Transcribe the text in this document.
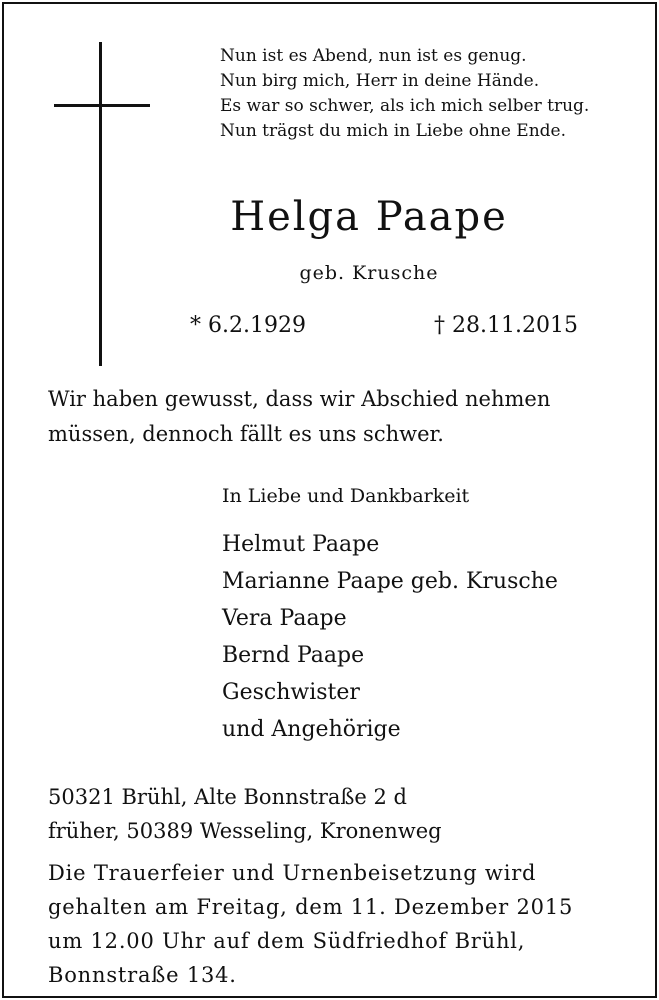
Nun ist es Abend, nun ist es genug.
Nun birg mich, Herr in deine Hände.
Es war so schwer, als ich mich selber trug.
Nun trägst du mich in Liebe ohne Ende.
Helga Paape
geb. Krusche
* 6.2.1929	† 28.11.2015
Wir haben gewusst, dass wir Abschied nehmen
müssen, dennoch fällt es uns schwer.
In Liebe und Dankbarkeit
Helmut Paape
Marianne Paape geb. Krusche
Vera Paape
Bernd Paape
Geschwister
und Angehörige
50321 Brühl, Alte Bonnstraße 2 d
früher, 50389 Wesseling, Kronenweg
Die Trauerfeier und Urnenbeisetzung wird
gehalten am Freitag, dem 11. Dezember 2015
um 12.00 Uhr auf dem Südfriedhof Brühl,
Bonnstraße 134.
